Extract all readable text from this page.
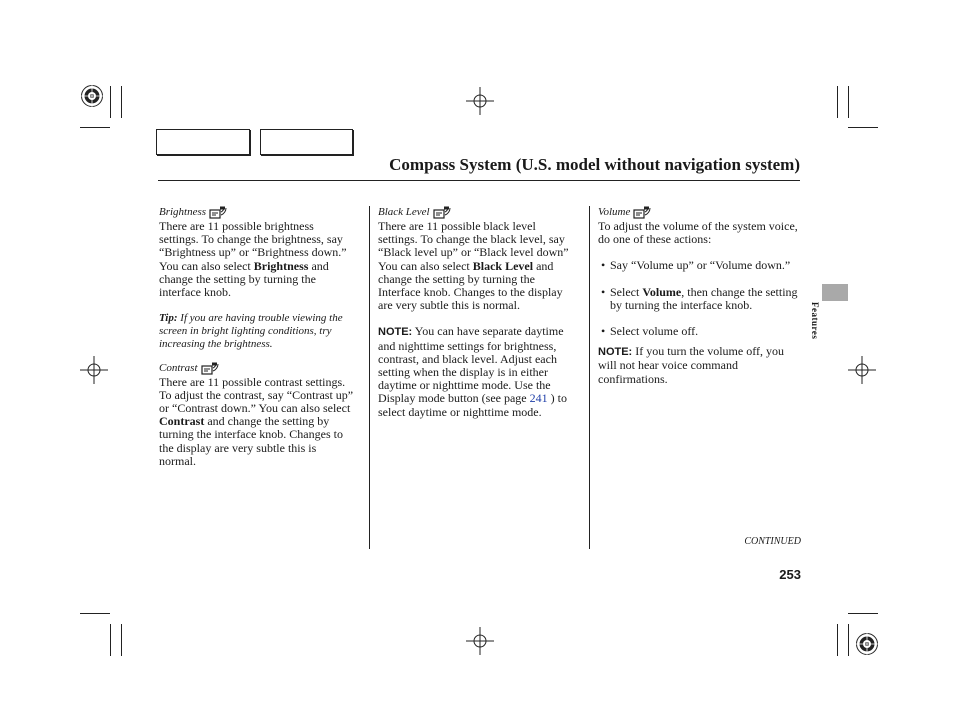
Compass System (U.S. model without navigation system)
Brightness

There are 11 possible brightness settings. To change the brightness, say “Brightness up” or “Brightness down.” You can also select Brightness and change the setting by turning the interface knob.

Tip: If you are having trouble viewing the screen in bright lighting conditions, try increasing the brightness.

Contrast

There are 11 possible contrast settings. To adjust the contrast, say “Contrast up” or “Contrast down.” You can also select Contrast and change the setting by turning the interface knob. Changes to the display are very subtle this is normal.

Black Level

There are 11 possible black level settings. To change the black level, say “Black level up” or “Black level down” You can also select Black Level and change the setting by turning the Interface knob. Changes to the display are very subtle this is normal.

NOTE: You can have separate daytime and nighttime settings for brightness, contrast, and black level. Adjust each setting when the display is in either daytime or nighttime mode. Use the Display mode button (see page 241 ) to select daytime or nighttime mode.

Volume

To adjust the volume of the system voice, do one of these actions:

• Say “Volume up” or “Volume down.”
• Select Volume, then change the setting by turning the interface knob.
• Select volume off.

NOTE: If you turn the volume off, you will not hear voice command confirmations.

Features
CONTINUED
253
